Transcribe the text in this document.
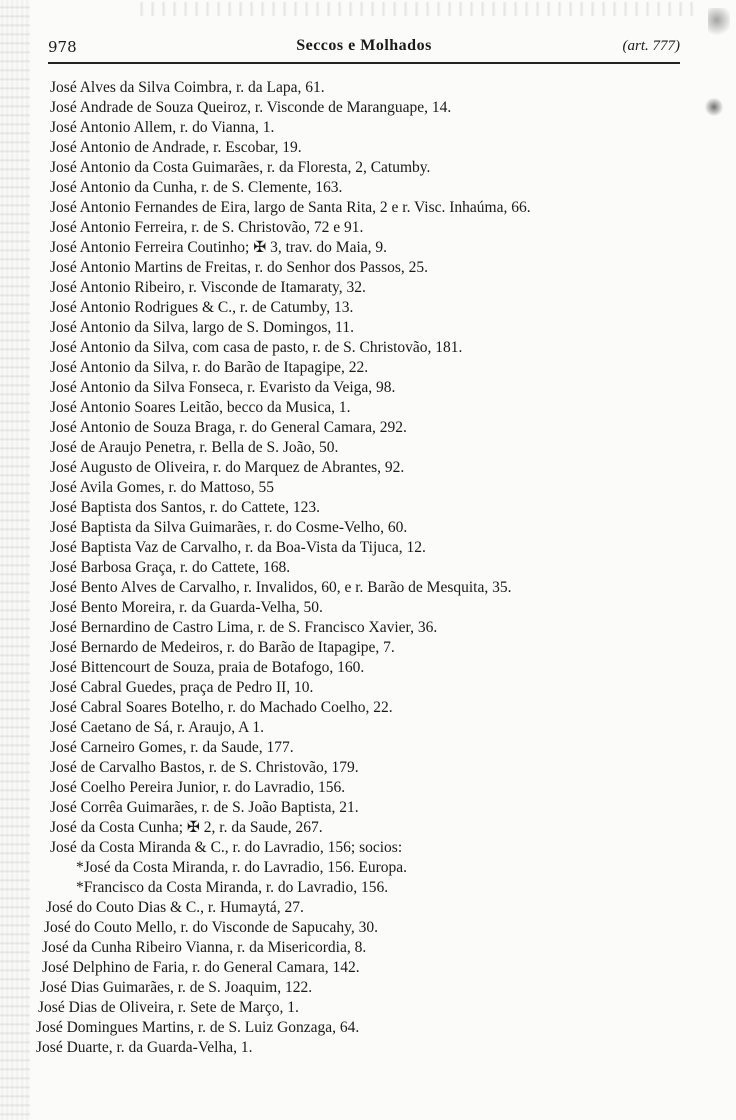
978	Seccos e Molhados	(art. 777)
José Alves da Silva Coimbra, r. da Lapa, 61.
José Andrade de Souza Queiroz, r. Visconde de Maranguape, 14.
José Antonio Allem, r. do Vianna, 1.
José Antonio de Andrade, r. Escobar, 19.
José Antonio da Costa Guimarães, r. da Floresta, 2, Catumby.
José Antonio da Cunha, r. de S. Clemente, 163.
José Antonio Fernandes de Eira, largo de Santa Rita, 2 e r. Visc. Inhaúma, 66.
José Antonio Ferreira, r. de S. Christovão, 72 e 91.
José Antonio Ferreira Coutinho; ✠ 3, trav. do Maia, 9.
José Antonio Martins de Freitas, r. do Senhor dos Passos, 25.
José Antonio Ribeiro, r. Visconde de Itamaraty, 32.
José Antonio Rodrigues & C., r. de Catumby, 13.
José Antonio da Silva, largo de S. Domingos, 11.
José Antonio da Silva, com casa de pasto, r. de S. Christovão, 181.
José Antonio da Silva, r. do Barão de Itapagipe, 22.
José Antonio da Silva Fonseca, r. Evaristo da Veiga, 98.
José Antonio Soares Leitão, becco da Musica, 1.
José Antonio de Souza Braga, r. do General Camara, 292.
José de Araujo Penetra, r. Bella de S. João, 50.
José Augusto de Oliveira, r. do Marquez de Abrantes, 92.
José Avila Gomes, r. do Mattoso, 55
José Baptista dos Santos, r. do Cattete, 123.
José Baptista da Silva Guimarães, r. do Cosme-Velho, 60.
José Baptista Vaz de Carvalho, r. da Boa-Vista da Tijuca, 12.
José Barbosa Graça, r. do Cattete, 168.
José Bento Alves de Carvalho, r. Invalidos, 60, e r. Barão de Mesquita, 35.
José Bento Moreira, r. da Guarda-Velha, 50.
José Bernardino de Castro Lima, r. de S. Francisco Xavier, 36.
José Bernardo de Medeiros, r. do Barão de Itapagipe, 7.
José Bittencourt de Souza, praia de Botafogo, 160.
José Cabral Guedes, praça de Pedro II, 10.
José Cabral Soares Botelho, r. do Machado Coelho, 22.
José Caetano de Sá, r. Araujo, A 1.
José Carneiro Gomes, r. da Saude, 177.
José de Carvalho Bastos, r. de S. Christovão, 179.
José Coelho Pereira Junior, r. do Lavradio, 156.
José Corrêa Guimarães, r. de S. João Baptista, 21.
José da Costa Cunha; ✠ 2, r. da Saude, 267.
José da Costa Miranda & C., r. do Lavradio, 156; socios:
*José da Costa Miranda, r. do Lavradio, 156. Europa.
*Francisco da Costa Miranda, r. do Lavradio, 156.
José do Couto Dias & C., r. Humaytá, 27.
José do Couto Mello, r. do Visconde de Sapucahy, 30.
José da Cunha Ribeiro Vianna, r. da Misericordia, 8.
José Delphino de Faria, r. do General Camara, 142.
José Dias Guimarães, r. de S. Joaquim, 122.
José Dias de Oliveira, r. Sete de Março, 1.
José Domingues Martins, r. de S. Luiz Gonzaga, 64.
José Duarte, r. da Guarda-Velha, 1.
